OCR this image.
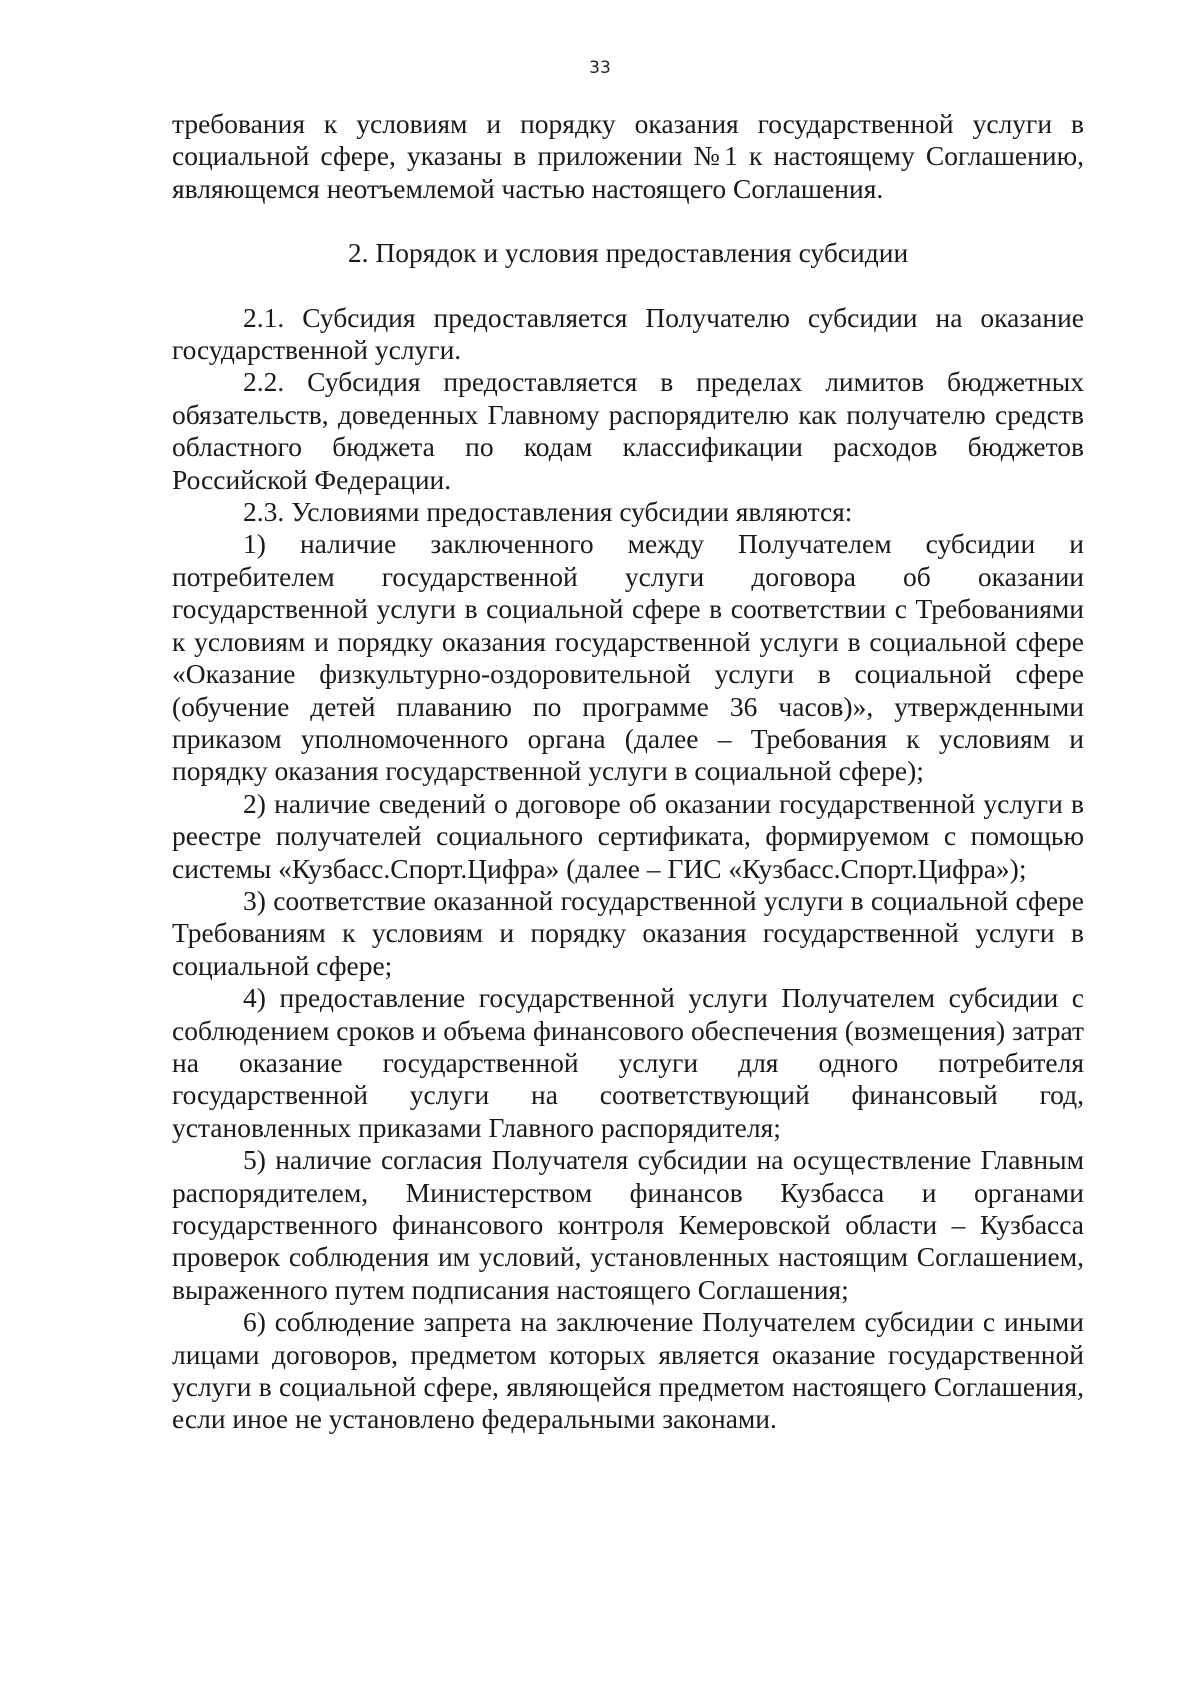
33

требования к условиям и порядку оказания государственной услуги в социальной сфере, указаны в приложении №1 к настоящему Соглашению, являющемся неотъемлемой частью настоящего Соглашения.

2. Порядок и условия предоставления субсидии

2.1. Субсидия предоставляется Получателю субсидии на оказание государственной услуги.

2.2. Субсидия предоставляется в пределах лимитов бюджетных обязательств, доведенных Главному распорядителю как получателю средств областного бюджета по кодам классификации расходов бюджетов Российской Федерации.

2.3. Условиями предоставления субсидии являются:

1) наличие заключенного между Получателем субсидии и потребителем государственной услуги договора об оказании государственной услуги в социальной сфере в соответствии с Требованиями к условиям и порядку оказания государственной услуги в социальной сфере «Оказание физкультурно-оздоровительной услуги в социальной сфере (обучение детей плаванию по программе 36 часов)», утвержденными приказом уполномоченного органа (далее – Требования к условиям и порядку оказания государственной услуги в социальной сфере);

2) наличие сведений о договоре об оказании государственной услуги в реестре получателей социального сертификата, формируемом с помощью системы «Кузбасс.Спорт.Цифра» (далее – ГИС «Кузбасс.Спорт.Цифра»);

3) соответствие оказанной государственной услуги в социальной сфере Требованиям к условиям и порядку оказания государственной услуги в социальной сфере;

4) предоставление государственной услуги Получателем субсидии с соблюдением сроков и объема финансового обеспечения (возмещения) затрат на оказание государственной услуги для одного потребителя государственной услуги на соответствующий финансовый год, установленных приказами Главного распорядителя;

5) наличие согласия Получателя субсидии на осуществление Главным распорядителем, Министерством финансов Кузбасса и органами государственного финансового контроля Кемеровской области – Кузбасса проверок соблюдения им условий, установленных настоящим Соглашением, выраженного путем подписания настоящего Соглашения;

6) соблюдение запрета на заключение Получателем субсидии с иными лицами договоров, предметом которых является оказание государственной услуги в социальной сфере, являющейся предметом настоящего Соглашения, если иное не установлено федеральными законами.
